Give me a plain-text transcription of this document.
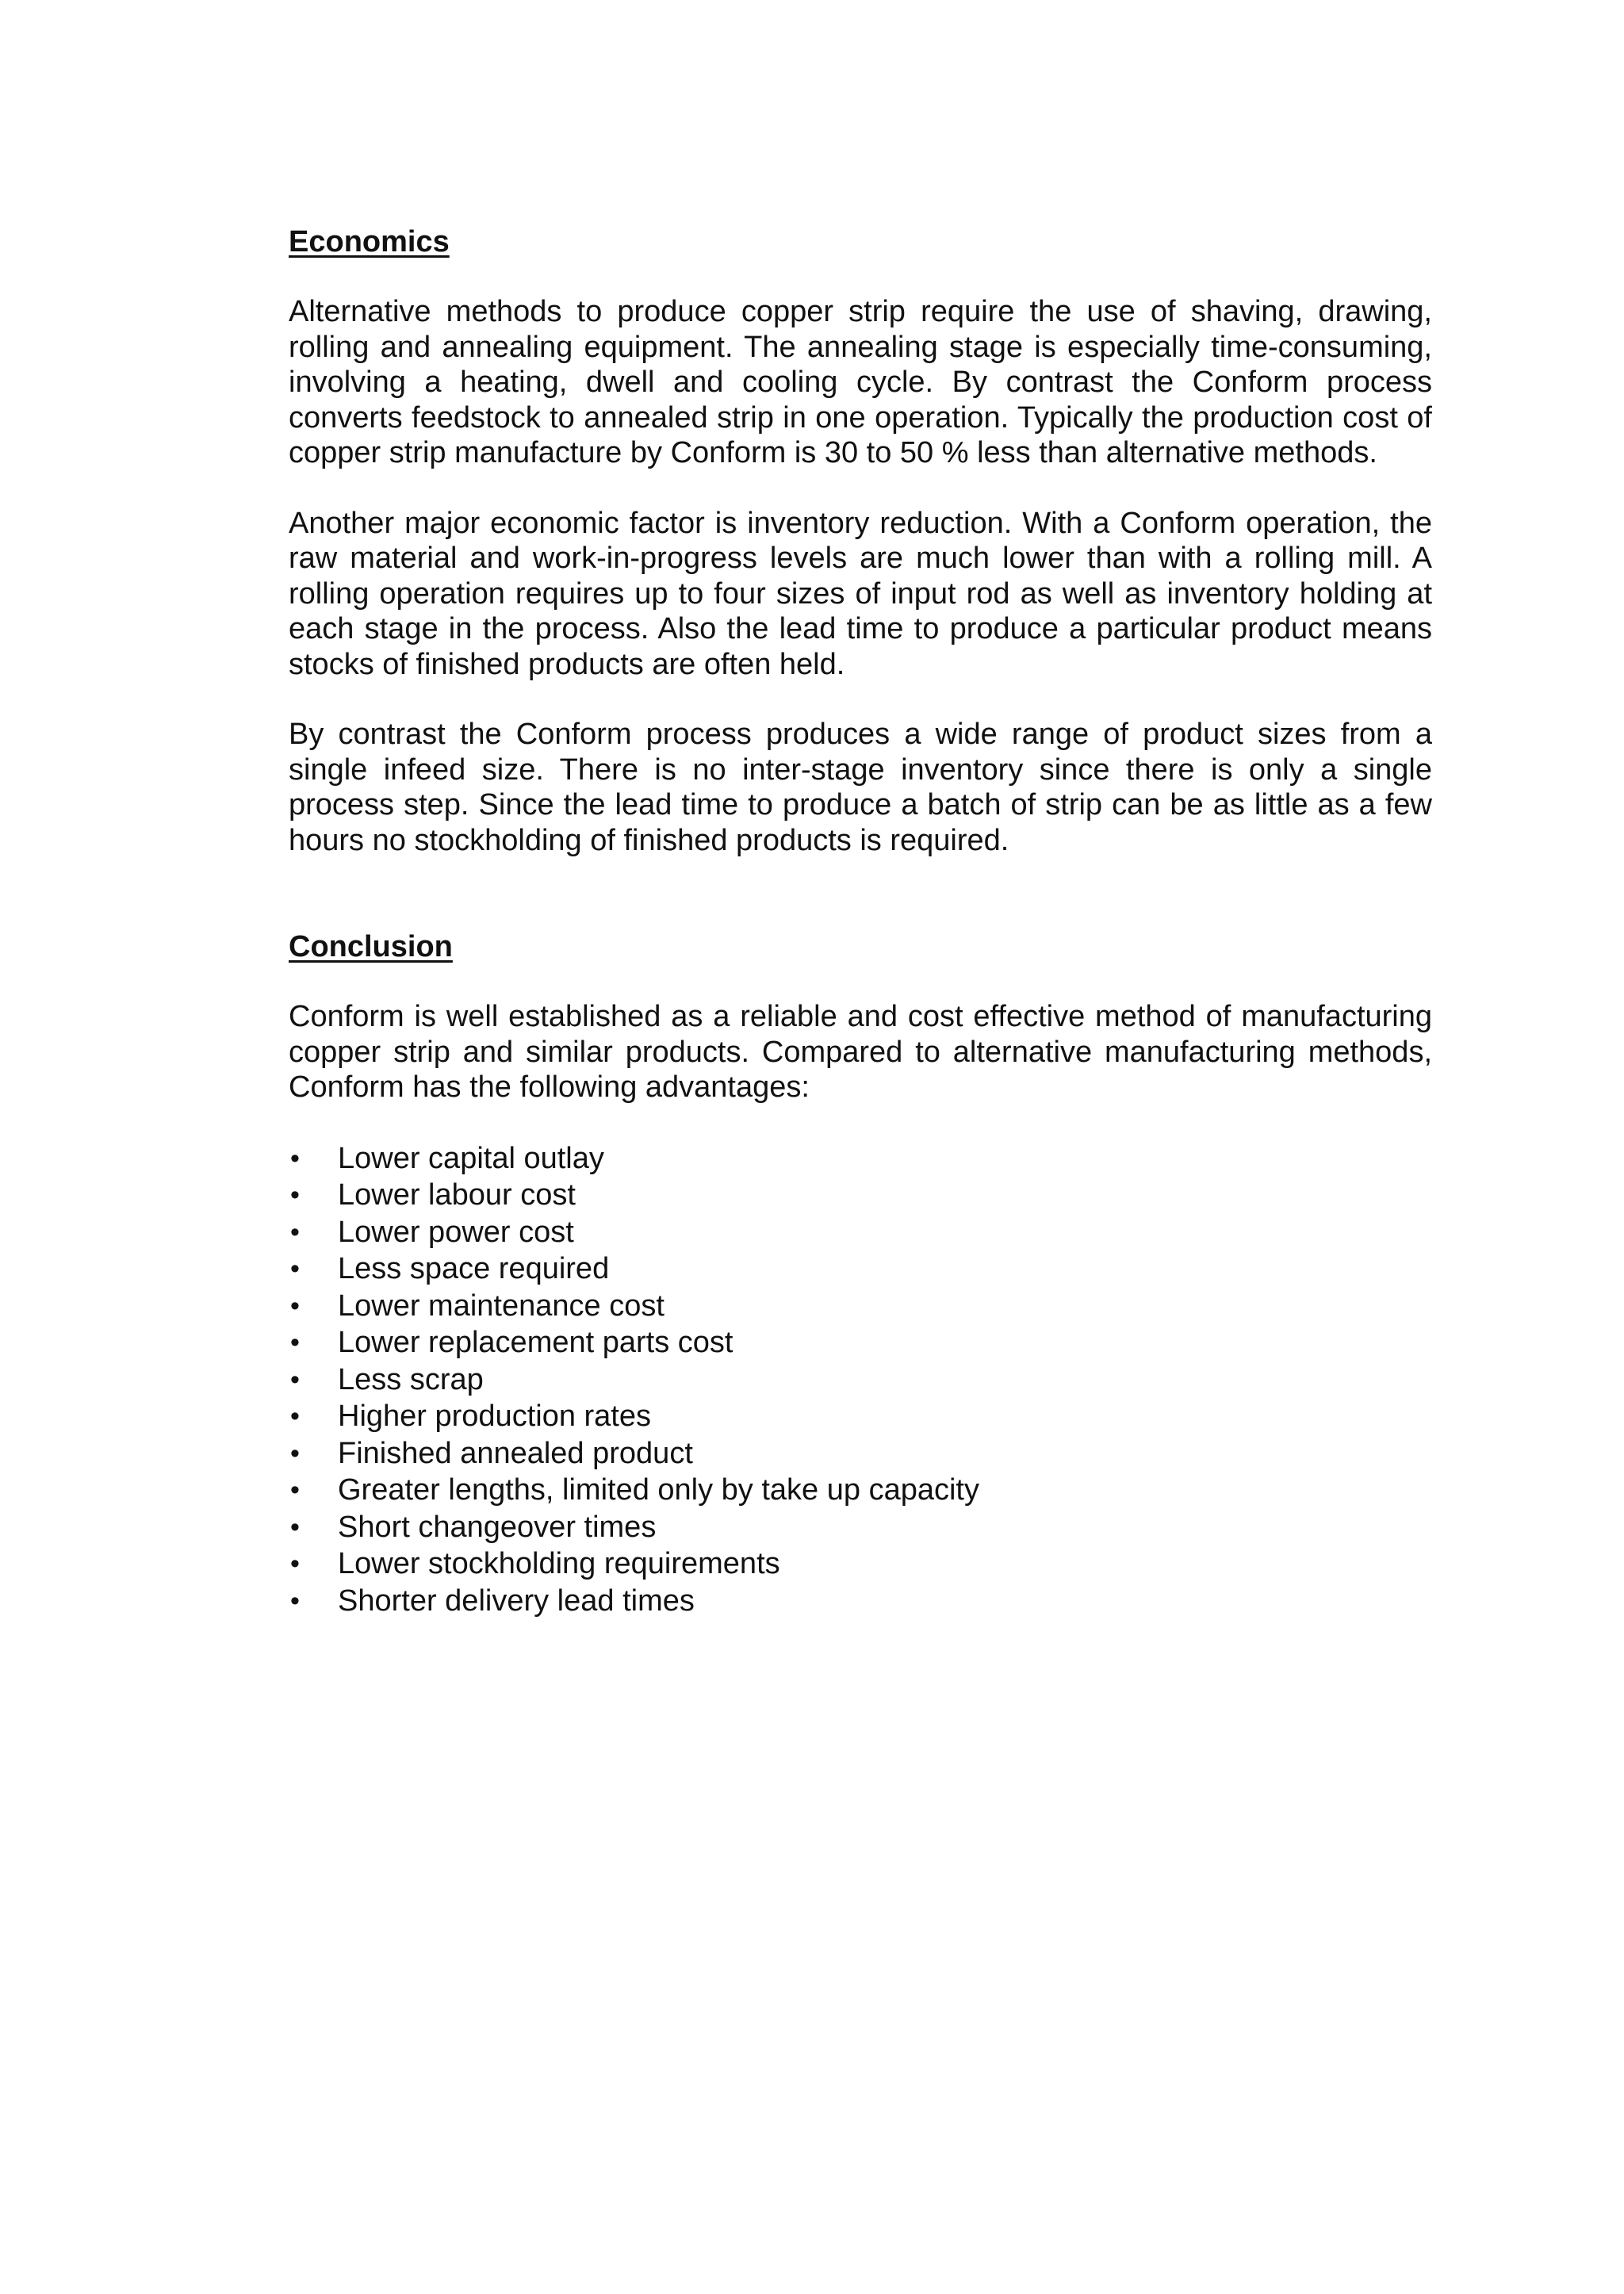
Economics

Alternative methods to produce copper strip require the use of shaving, drawing, rolling and annealing equipment. The annealing stage is especially time-consuming, involving a heating, dwell and cooling cycle. By contrast the Conform process converts feedstock to annealed strip in one operation. Typically the production cost of copper strip manufacture by Conform is 30 to 50 % less than alternative methods.

Another major economic factor is inventory reduction. With a Conform operation, the raw material and work-in-progress levels are much lower than with a rolling mill. A rolling operation requires up to four sizes of input rod as well as inventory holding at each stage in the process. Also the lead time to produce a particular product means stocks of finished products are often held.

By contrast the Conform process produces a wide range of product sizes from a single infeed size. There is no inter-stage inventory since there is only a single process step. Since the lead time to produce a batch of strip can be as little as a few hours no stockholding of finished products is required.

Conclusion

Conform is well established as a reliable and cost effective method of manufacturing copper strip and similar products. Compared to alternative manufacturing methods, Conform has the following advantages:

•	Lower capital outlay
•	Lower labour cost
•	Lower power cost
•	Less space required
•	Lower maintenance cost
•	Lower replacement parts cost
•	Less scrap
•	Higher production rates
•	Finished annealed product
•	Greater lengths, limited only by take up capacity
•	Short changeover times
•	Lower stockholding requirements
•	Shorter delivery lead times
